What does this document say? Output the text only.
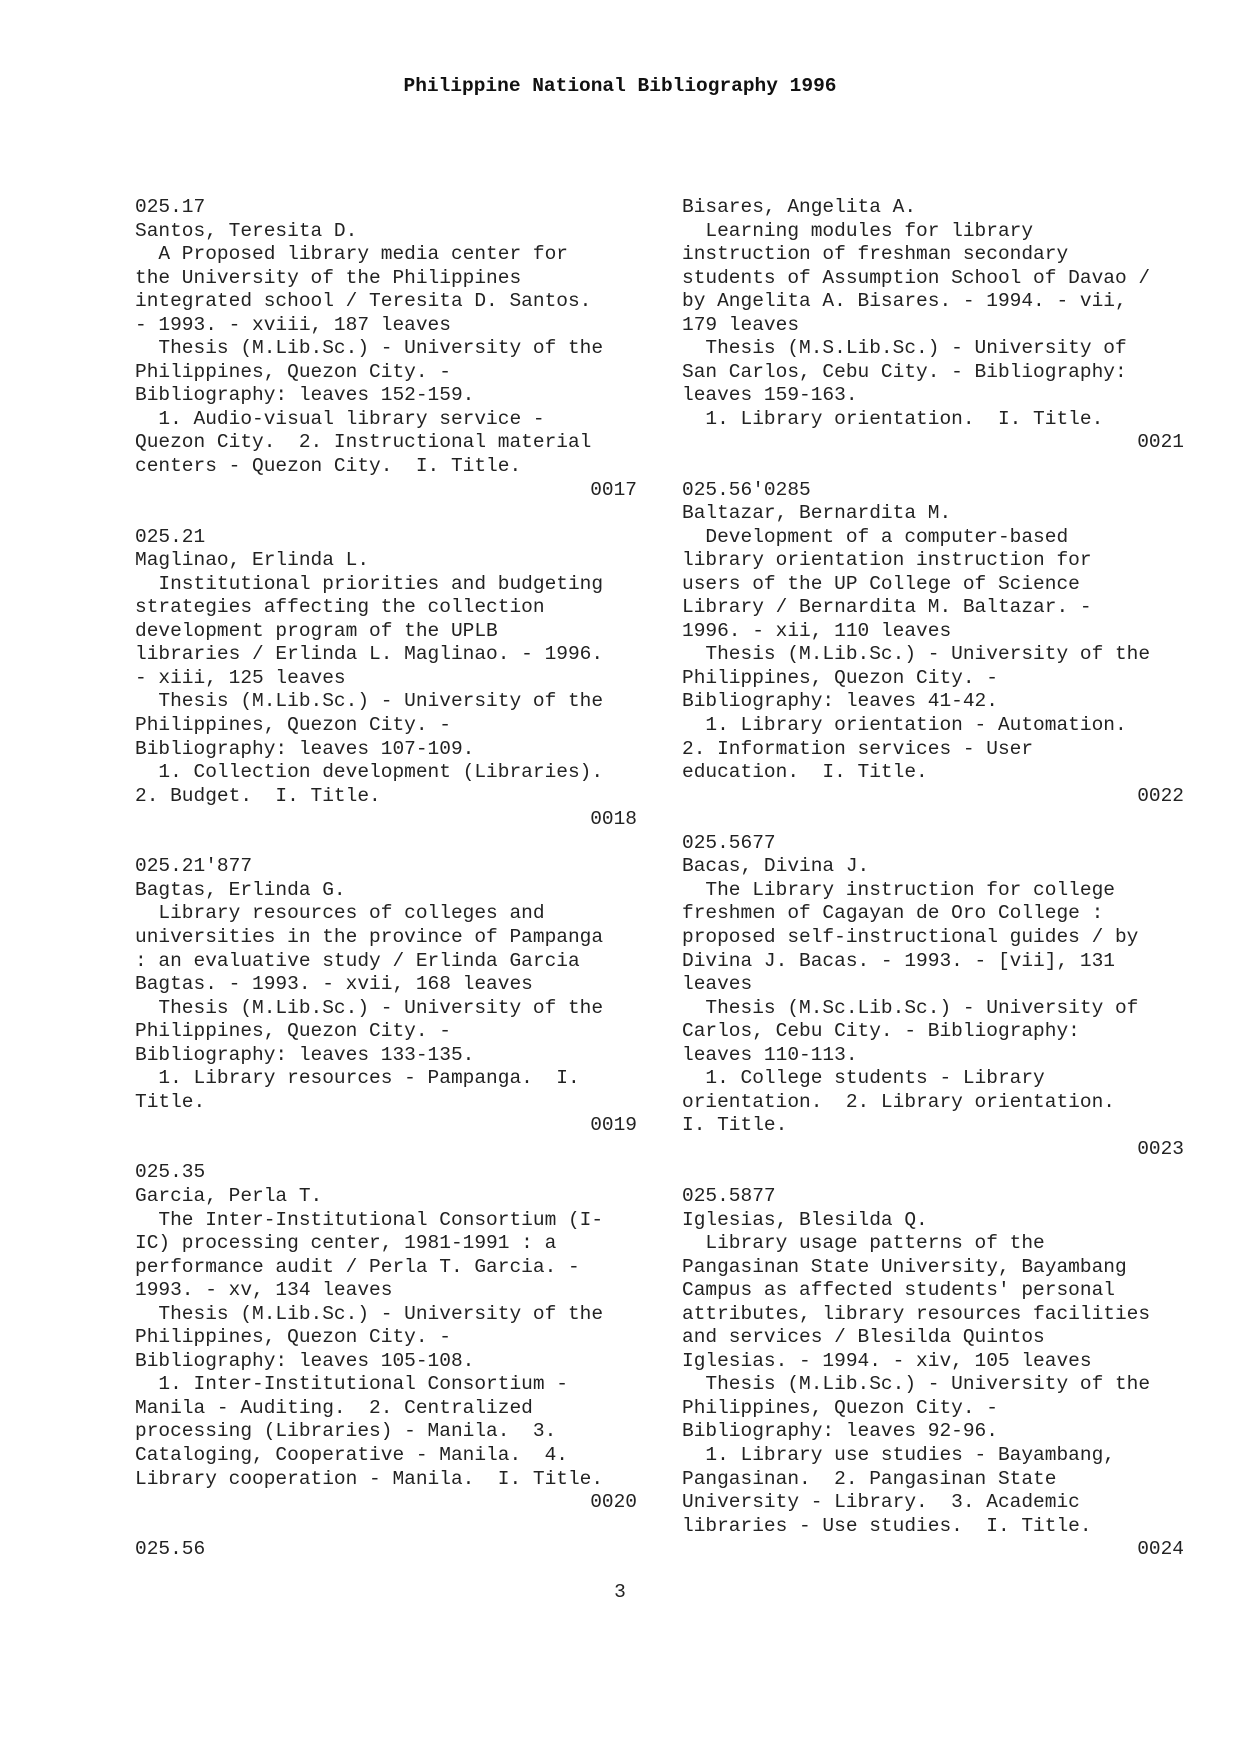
Philippine National Bibliography 1996
025.17
Santos, Teresita D.
A Proposed library media center for
the University of the Philippines
integrated school / Teresita D. Santos.
- 1993. - xviii, 187 leaves
Thesis (M.Lib.Sc.) - University of the
Philippines, Quezon City. -
Bibliography: leaves 152-159.
1. Audio-visual library service -
Quezon City.  2. Instructional material
centers - Quezon City.  I. Title.
0017
025.21
Maglinao, Erlinda L.
Institutional priorities and budgeting
strategies affecting the collection
development program of the UPLB
libraries / Erlinda L. Maglinao. - 1996.
- xiii, 125 leaves
Thesis (M.Lib.Sc.) - University of the
Philippines, Quezon City. -
Bibliography: leaves 107-109.
1. Collection development (Libraries).
2. Budget.  I. Title.
0018
025.21'877
Bagtas, Erlinda G.
Library resources of colleges and
universities in the province of Pampanga
: an evaluative study / Erlinda Garcia
Bagtas. - 1993. - xvii, 168 leaves
Thesis (M.Lib.Sc.) - University of the
Philippines, Quezon City. -
Bibliography: leaves 133-135.
1. Library resources - Pampanga.  I.
Title.
0019
025.35
Garcia, Perla T.
The Inter-Institutional Consortium (I-
IC) processing center, 1981-1991 : a
performance audit / Perla T. Garcia. -
1993. - xv, 134 leaves
Thesis (M.Lib.Sc.) - University of the
Philippines, Quezon City. -
Bibliography: leaves 105-108.
1. Inter-Institutional Consortium -
Manila - Auditing.  2. Centralized
processing (Libraries) - Manila.  3.
Cataloging, Cooperative - Manila.  4.
Library cooperation - Manila.  I. Title.
0020
025.56
Bisares, Angelita A.
Learning modules for library
instruction of freshman secondary
students of Assumption School of Davao /
by Angelita A. Bisares. - 1994. - vii,
179 leaves
Thesis (M.S.Lib.Sc.) - University of
San Carlos, Cebu City. - Bibliography:
leaves 159-163.
1. Library orientation.  I. Title.
0021
025.56'0285
Baltazar, Bernardita M.
Development of a computer-based
library orientation instruction for
users of the UP College of Science
Library / Bernardita M. Baltazar. -
1996. - xii, 110 leaves
Thesis (M.Lib.Sc.) - University of the
Philippines, Quezon City. -
Bibliography: leaves 41-42.
1. Library orientation - Automation.
2. Information services - User
education.  I. Title.
0022
025.5677
Bacas, Divina J.
The Library instruction for college
freshmen of Cagayan de Oro College :
proposed self-instructional guides / by
Divina J. Bacas. - 1993. - [vii], 131
leaves
Thesis (M.Sc.Lib.Sc.) - University of
Carlos, Cebu City. - Bibliography:
leaves 110-113.
1. College students - Library
orientation.  2. Library orientation.
I. Title.
0023
025.5877
Iglesias, Blesilda Q.
Library usage patterns of the
Pangasinan State University, Bayambang
Campus as affected students' personal
attributes, library resources facilities
and services / Blesilda Quintos
Iglesias. - 1994. - xiv, 105 leaves
Thesis (M.Lib.Sc.) - University of the
Philippines, Quezon City. -
Bibliography: leaves 92-96.
1. Library use studies - Bayambang,
Pangasinan.  2. Pangasinan State
University - Library.  3. Academic
libraries - Use studies.  I. Title.
0024
3
